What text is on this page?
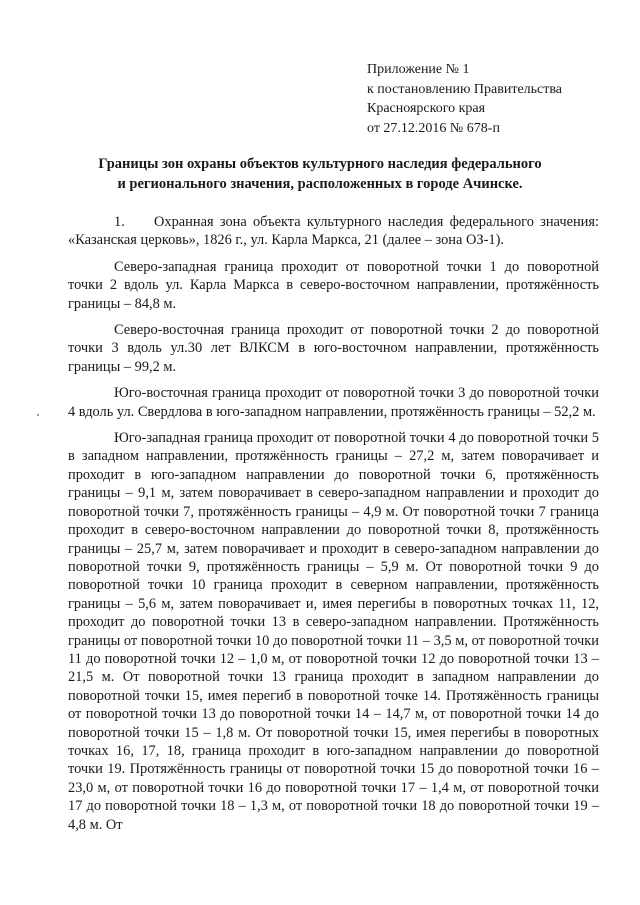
Приложение № 1
к постановлению Правительства
Красноярского края
от 27.12.2016 № 678-п
Границы зон охраны объектов культурного наследия федерального
и регионального значения, расположенных в городе Ачинске.

1. Охранная зона объекта культурного наследия федерального значения: «Казанская церковь», 1826 г., ул. Карла Маркса, 21 (далее – зона ОЗ-1).

Северо-западная граница проходит от поворотной точки 1 до поворотной точки 2 вдоль ул. Карла Маркса в северо-восточном направлении, протяжённость границы – 84,8 м.

Северо-восточная граница проходит от поворотной точки 2 до поворотной точки 3 вдоль ул.30 лет ВЛКСМ в юго-восточном направлении, протяжённость границы – 99,2 м.

Юго-восточная граница проходит от поворотной точки 3 до поворотной точки 4 вдоль ул. Свердлова в юго-западном направлении, протяжённость границы – 52,2 м.

Юго-западная граница проходит от поворотной точки 4 до поворотной точки 5 в западном направлении, протяжённость границы – 27,2 м, затем поворачивает и проходит в юго-западном направлении до поворотной точки 6, протяжённость границы – 9,1 м, затем поворачивает в северо-западном направлении и проходит до поворотной точки 7, протяжённость границы – 4,9 м. От поворотной точки 7 граница проходит в северо-восточном направлении до поворотной точки 8, протяжённость границы – 25,7 м, затем поворачивает и проходит в северо-западном направлении до поворотной точки 9, протяжённость границы – 5,9 м. От поворотной точки 9 до поворотной точки 10 граница проходит в северном направлении, протяжённость границы – 5,6 м, затем поворачивает и, имея перегибы в поворотных точках 11, 12, проходит до поворотной точки 13 в северо-западном направлении. Протяжённость границы от поворотной точки 10 до поворотной точки 11 – 3,5 м, от поворотной точки 11 до поворотной точки 12 – 1,0 м, от поворотной точки 12 до поворотной точки 13 – 21,5 м. От поворотной точки 13 граница проходит в западном направлении до поворотной точки 15, имея перегиб в поворотной точке 14. Протяжённость границы от поворотной точки 13 до поворотной точки 14 – 14,7 м, от поворотной точки 14 до поворотной точки 15 – 1,8 м. От поворотной точки 15, имея перегибы в поворотных точках 16, 17, 18, граница проходит в юго-западном направлении до поворотной точки 19. Протяжённость границы от поворотной точки 15 до поворотной точки 16 – 23,0 м, от поворотной точки 16 до поворотной точки 17 – 1,4 м, от поворотной точки 17 до поворотной точки 18 – 1,3 м, от поворотной точки 18 до поворотной точки 19 – 4,8 м. От
